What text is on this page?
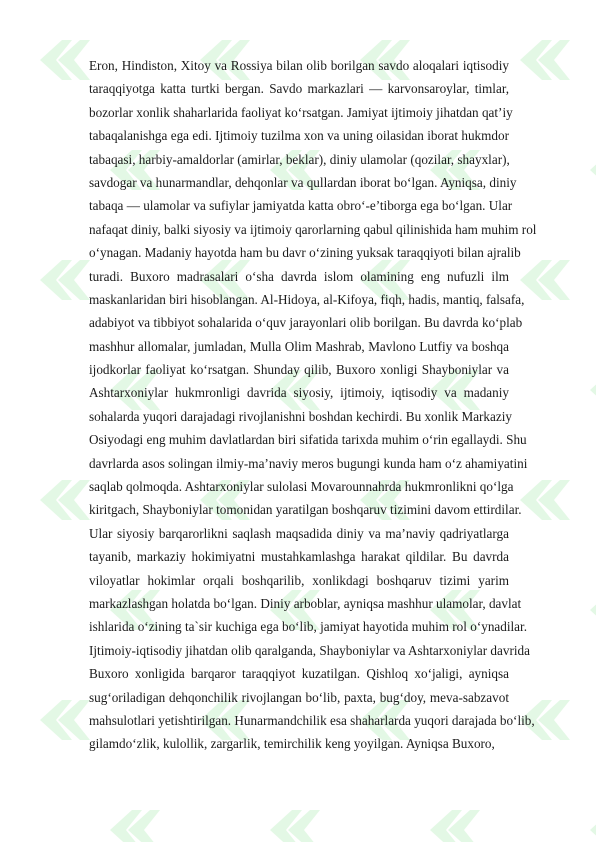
Eron, Hindiston, Xitoy va Rossiya bilan olib borilgan savdo aloqalari iqtisodiy
taraqqiyotga katta turtki bergan. Savdo markazlari — karvonsaroylar, timlar,
bozorlar xonlik shaharlarida faoliyat ko‘rsatgan. Jamiyat ijtimoiy jihatdan qat’iy
tabaqalanishga ega edi. Ijtimoiy tuzilma xon va uning oilasidan iborat hukmdor
tabaqasi, harbiy-amaldorlar (amirlar, beklar), diniy ulamolar (qozilar, shayxlar),
savdogar va hunarmandlar, dehqonlar va qullardan iborat bo‘lgan. Ayniqsa, diniy
tabaqa — ulamolar va sufiylar jamiyatda katta obro‘-e’tiborga ega bo‘lgan. Ular
nafaqat diniy, balki siyosiy va ijtimoiy qarorlarning qabul qilinishida ham muhim rol
o‘ynagan. Madaniy hayotda ham bu davr o‘zining yuksak taraqqiyoti bilan ajralib
turadi. Buxoro madrasalari o‘sha davrda islom olamining eng nufuzli ilm
maskanlaridan biri hisoblangan. Al-Hidoya, al-Kifoya, fiqh, hadis, mantiq, falsafa,
adabiyot va tibbiyot sohalarida o‘quv jarayonlari olib borilgan. Bu davrda ko‘plab
mashhur allomalar, jumladan, Mulla Olim Mashrab, Mavlono Lutfiy va boshqa
ijodkorlar faoliyat ko‘rsatgan. Shunday qilib, Buxoro xonligi Shayboniylar va
Ashtarxoniylar hukmronligi davrida siyosiy, ijtimoiy, iqtisodiy va madaniy
sohalarda yuqori darajadagi rivojlanishni boshdan kechirdi. Bu xonlik Markaziy
Osiyodagi eng muhim davlatlardan biri sifatida tarixda muhim o‘rin egallaydi. Shu
davrlarda asos solingan ilmiy-ma’naviy meros bugungi kunda ham o‘z ahamiyatini
saqlab qolmoqda. Ashtarxoniylar sulolasi Movarounnahrda hukmronlikni qo‘lga
kiritgach, Shayboniylar tomonidan yaratilgan boshqaruv tizimini davom ettirdilar.
Ular siyosiy barqarorlikni saqlash maqsadida diniy va ma’naviy qadriyatlarga
tayanib, markaziy hokimiyatni mustahkamlashga harakat qildilar. Bu davrda
viloyatlar hokimlar orqali boshqarilib, xonlikdagi boshqaruv tizimi yarim
markazlashgan holatda bo‘lgan. Diniy arboblar, ayniqsa mashhur ulamolar, davlat
ishlarida o‘zining ta`sir kuchiga ega bo‘lib, jamiyat hayotida muhim rol o‘ynadilar.
Ijtimoiy-iqtisodiy jihatdan olib qaralganda, Shayboniylar va Ashtarxoniylar davrida
Buxoro xonligida barqaror taraqqiyot kuzatilgan. Qishloq xo‘jaligi, ayniqsa
sug‘oriladigan dehqonchilik rivojlangan bo‘lib, paxta, bug‘doy, meva-sabzavot
mahsulotlari yetishtirilgan. Hunarmandchilik esa shaharlarda yuqori darajada bo‘lib,
gilamdo‘zlik, kulollik, zargarlik, temirchilik keng yoyilgan. Ayniqsa Buxoro,
